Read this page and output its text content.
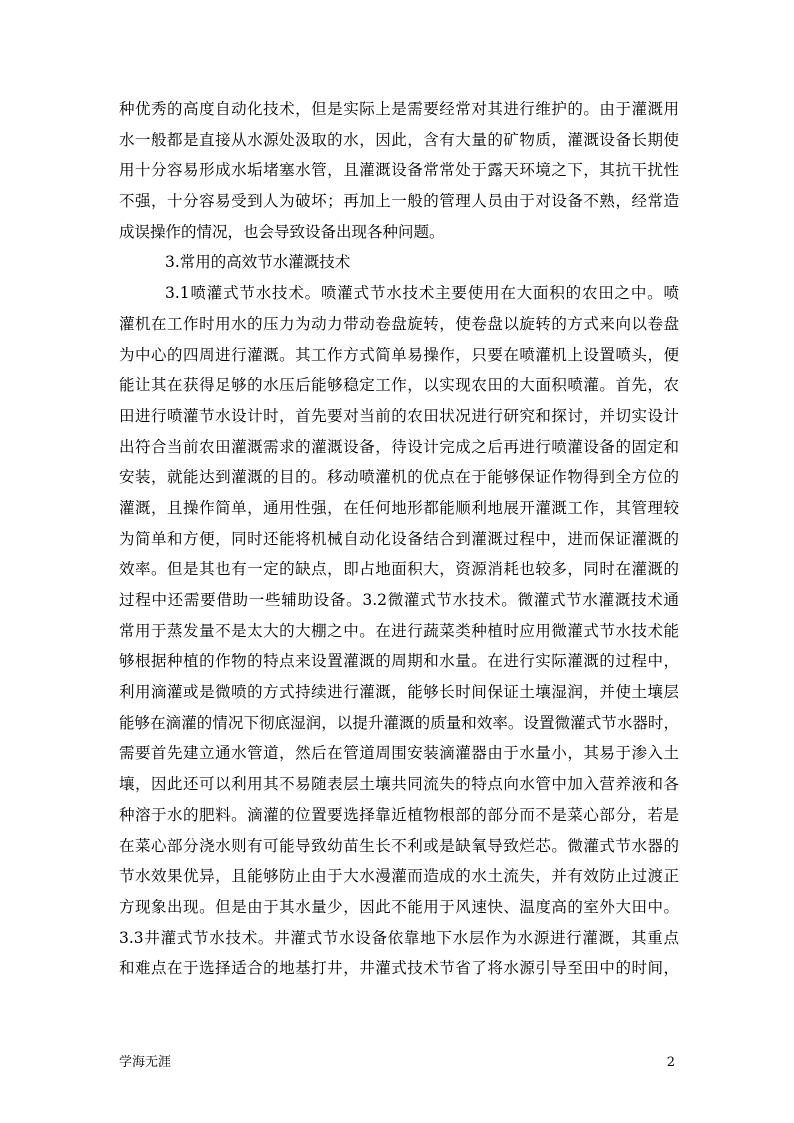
种优秀的高度自动化技术，但是实际上是需要经常对其进行维护的。由于灌溉用
水一般都是直接从水源处汲取的水，因此，含有大量的矿物质，灌溉设备长期使
用十分容易形成水垢堵塞水管，且灌溉设备常常处于露天环境之下，其抗干扰性
不强，十分容易受到人为破坏；再加上一般的管理人员由于对设备不熟，经常造
成误操作的情况，也会导致设备出现各种问题。
3.常用的高效节水灌溉技术
3.1喷灌式节水技术。喷灌式节水技术主要使用在大面积的农田之中。喷
灌机在工作时用水的压力为动力带动卷盘旋转，使卷盘以旋转的方式来向以卷盘
为中心的四周进行灌溉。其工作方式简单易操作，只要在喷灌机上设置喷头，便
能让其在获得足够的水压后能够稳定工作，以实现农田的大面积喷灌。首先，农
田进行喷灌节水设计时，首先要对当前的农田状况进行研究和探讨，并切实设计
出符合当前农田灌溉需求的灌溉设备，待设计完成之后再进行喷灌设备的固定和
安装，就能达到灌溉的目的。移动喷灌机的优点在于能够保证作物得到全方位的
灌溉，且操作简单，通用性强，在任何地形都能顺利地展开灌溉工作，其管理较
为简单和方便，同时还能将机械自动化设备结合到灌溉过程中，进而保证灌溉的
效率。但是其也有一定的缺点，即占地面积大，资源消耗也较多，同时在灌溉的
过程中还需要借助一些辅助设备。3.2微灌式节水技术。微灌式节水灌溉技术通
常用于蒸发量不是太大的大棚之中。在进行蔬菜类种植时应用微灌式节水技术能
够根据种植的作物的特点来设置灌溉的周期和水量。在进行实际灌溉的过程中，
利用滴灌或是微喷的方式持续进行灌溉，能够长时间保证土壤湿润，并使土壤层
能够在滴灌的情况下彻底湿润，以提升灌溉的质量和效率。设置微灌式节水器时，
需要首先建立通水管道，然后在管道周围安装滴灌器由于水量小，其易于渗入土
壤，因此还可以利用其不易随表层土壤共同流失的特点向水管中加入营养液和各
种溶于水的肥料。滴灌的位置要选择靠近植物根部的部分而不是菜心部分，若是
在菜心部分浇水则有可能导致幼苗生长不利或是缺氧导致烂芯。微灌式节水器的
节水效果优异，且能够防止由于大水漫灌而造成的水土流失，并有效防止过渡正
方现象出现。但是由于其水量少，因此不能用于风速快、温度高的室外大田中。
3.3井灌式节水技术。井灌式节水设备依靠地下水层作为水源进行灌溉，其重点
和难点在于选择适合的地基打井，井灌式技术节省了将水源引导至田中的时间，
学海无涯	2
